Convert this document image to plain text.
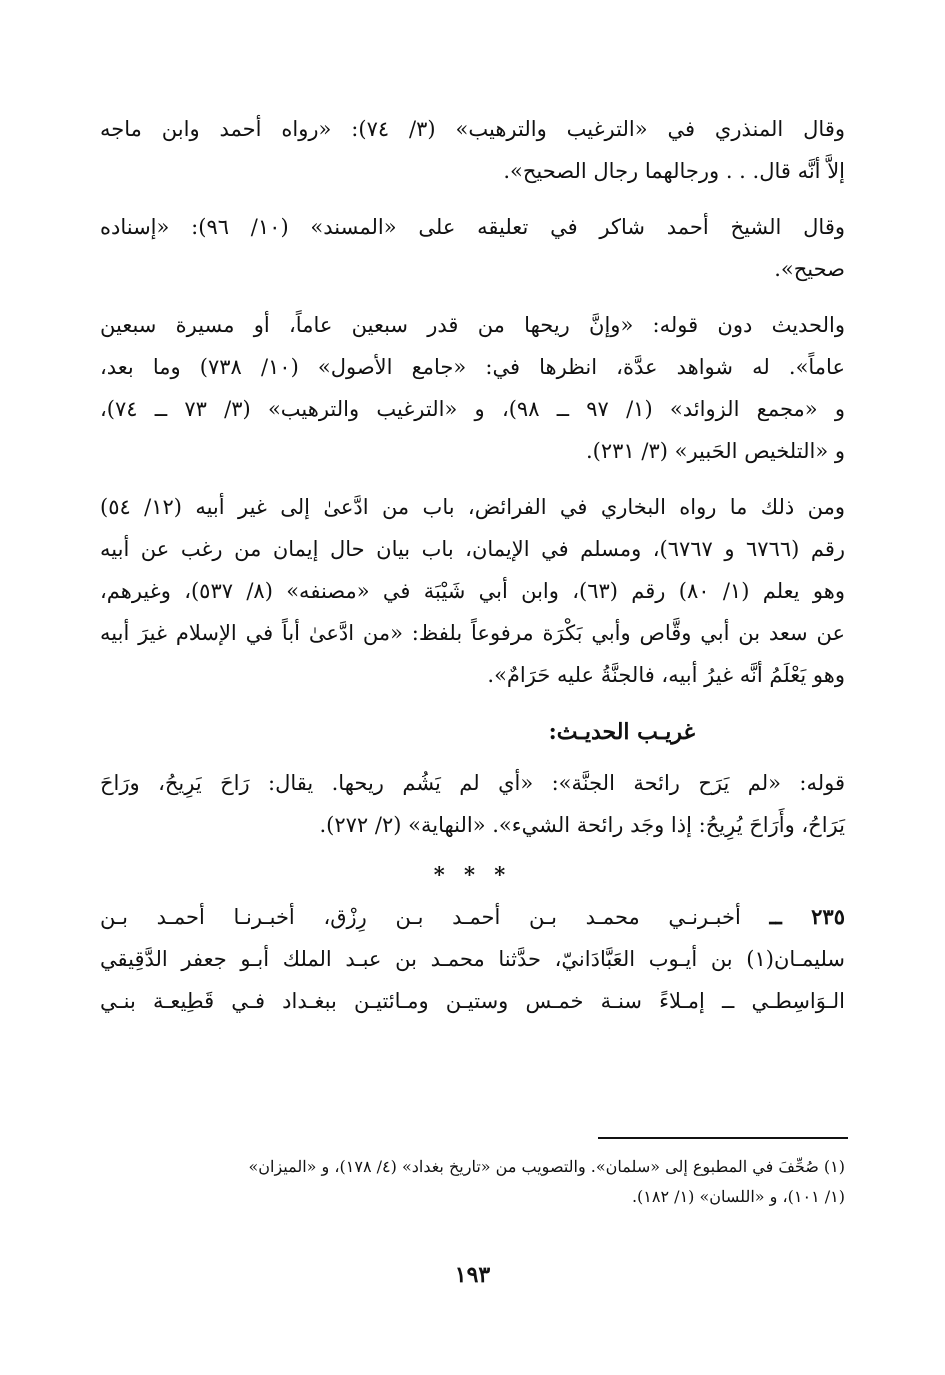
وقال المنذري في «الترغيب والترهيب» (٣/ ٧٤): «رواه أحمد وابن ماجه
إلاَّ أنَّه قال. . . ورجالهما رجال الصحيح».
وقال الشيخ أحمد شاكر في تعليقه على «المسند» (١٠/ ٩٦): «إسناده
صحيح».
والحديث دون قوله: «وإنَّ ريحها من قدر سبعين عاماً، أو مسيرة سبعين
عاماً». له شواهد عدَّة، انظرها في: «جامع الأصول» (١٠/ ٧٣٨) وما بعد،
و «مجمع الزوائد» (١/ ٩٧ ــ ٩٨)، و «الترغيب والترهيب» (٣/ ٧٣ ــ ٧٤)،
و «التلخيص الحَبير» (٣/ ٢٣١).
ومن ذلك ما رواه البخاري في الفرائض، باب من ادَّعىٰ إلى غير أبيه (١٢/ ٥٤)
رقم (٦٧٦٦ و ٦٧٦٧)، ومسلم في الإيمان، باب بيان حال إيمان من رغب عن أبيه
وهو يعلم (١/ ٨٠) رقم (٦٣)، وابن أبي شَيْبَة في «مصنفه» (٨/ ٥٣٧)، وغيرهم،
عن سعد بن أبي وقَّاص وأبي بَكْرَة مرفوعاً بلفظ: «من ادَّعىٰ أباً في الإسلام غيرَ أبيه
وهو يَعْلَمُ أنَّه غيرُ أبيه، فالجنَّةُ عليه حَرَامٌ».
غريـب الحديـث:
قوله: «لم يَرَح رائحة الجنَّة»: «أي لم يَشُم ريحها. يقال: رَاحَ يَرِيحُ، ورَاحَ
يَرَاحُ، وأَرَاحَ يُرِيحُ: إذا وجَد رائحة الشيء». «النهاية» (٢/ ٢٧٢).
* * *
٢٣٥ ــ أخبـرنـي محمـد بـن أحمـد بـن رِزْق، أخبـرنـا أحمـد بـن
سليمـان(١) بن أيـوب العَبَّادَانيّ، حدَّثنا محمـد بن عبـد الملك أبـو جعفر الدَّقِيقي
الـوَاسِطـي ــ إمـلاءً سنـة خمـس وستيـن ومـائتيـن ببغـداد فـي قَطِيعـة بنـي
(١) صُحِّفَ في المطبوع إلى «سلمان». والتصويب من «تاريخ بغداد» (٤/ ١٧٨)، و «الميزان»
(١/ ١٠١)، و «اللسان» (١/ ١٨٢).
١٩٣
